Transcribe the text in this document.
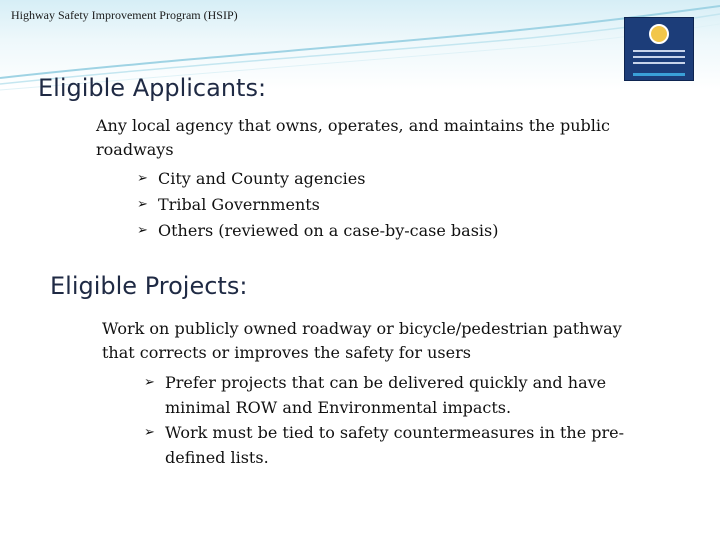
Highway Safety Improvement Program (HSIP)
Eligible Applicants:

Any local agency that owns, operates, and maintains the public roadways

➢ City and County agencies
➢ Tribal Governments
➢ Others (reviewed on a case-by-case basis)
Eligible Projects:

Work on publicly owned roadway or bicycle/pedestrian pathway that corrects or improves the safety for users

➢ Prefer projects that can be delivered quickly and have minimal ROW and Environmental impacts.
➢ Work must be tied to safety countermeasures in the pre-defined lists.
